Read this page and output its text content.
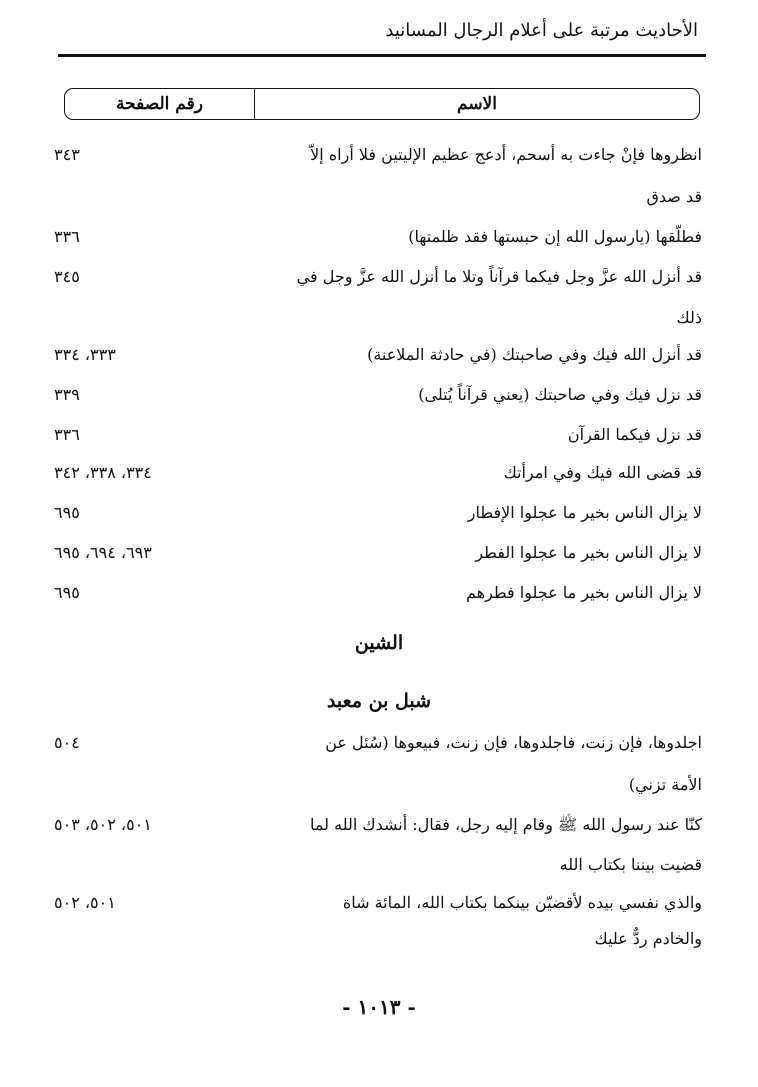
الأحاديث مرتبة على أعلام الرجال المسانيد
الاسم
رقم الصفحة
انظروها فإنْ جاءت به أسحم، أدعج عظيم الإليتين فلا أراه إلاّ
٣٤٣
قد صدق
فطلّقها (يارسول الله إن حبستها فقد ظلمتها)
٣٣٦
قد أنزل الله عزَّ وجل فيكما قرآناً وتلا ما أنزل الله عزَّ وجل في
٣٤٥
ذلك
قد أنزل الله فيك وفي صاحبتك (في حادثة الملاعنة)
٣٣٣، ٣٣٤
قد نزل فيك وفي صاحبتك (يعني قرآناً يُتلى)
٣٣٩
قد نزل فيكما القرآن
٣٣٦
قد قضى الله فيك وفي امرأتك
٣٣٤، ٣٣٨، ٣٤٢
لا يزال الناس بخير ما عجلوا الإفطار
٦٩٥
لا يزال الناس بخير ما عجلوا الفطر
٦٩٣، ٦٩٤، ٦٩٥
لا يزال الناس بخير ما عجلوا فطرهم
٦٩٥
الشين
شبل بن معبد
اجلدوها، فإن زنت، فاجلدوها، فإن زنت، فبيعوها (سُئل عن
٥٠٤
الأمة تزني)
كنّا عند رسول الله ﷺ وقام إليه رجل، فقال: أنشدك الله لما
٥٠١، ٥٠٢، ٥٠٣
قضيت بيننا بكتاب الله
والذي نفسي بيده لأقضيّن بينكما بكتاب الله، المائة شاة
٥٠١، ٥٠٢
والخادم ردٌّ عليك
- ١٠١٣ -
